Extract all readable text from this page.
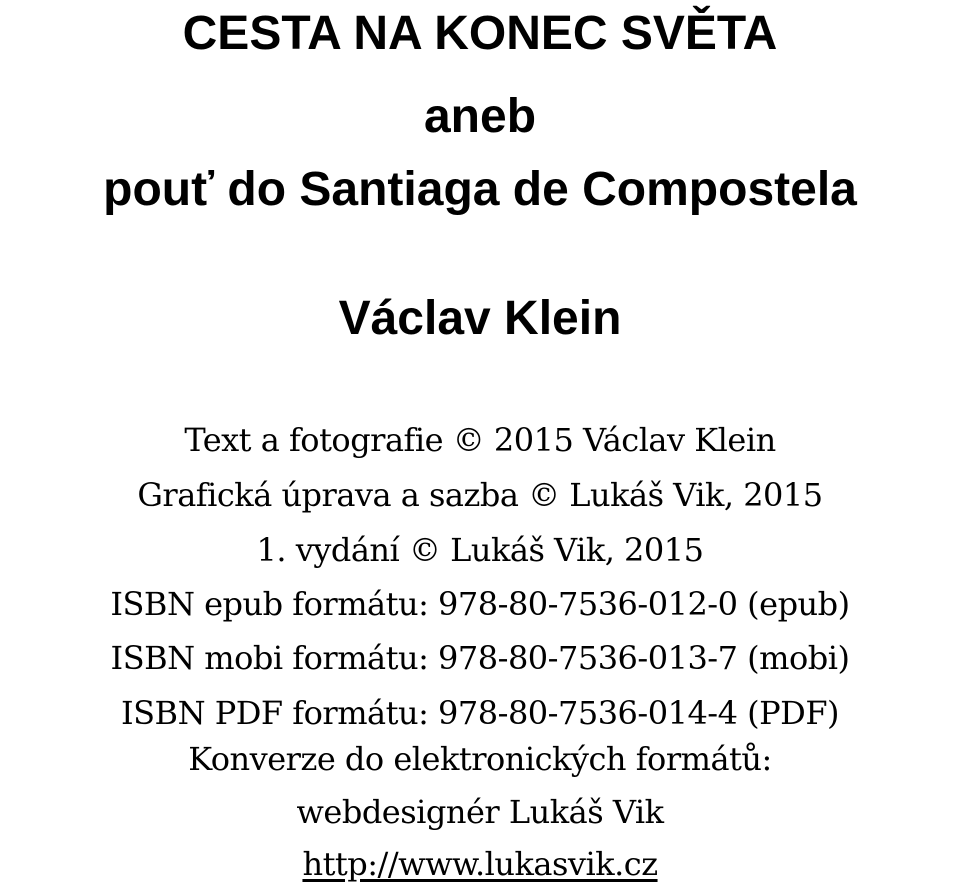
CESTA NA KONEC SVĚTA
aneb
pouť do Santiaga de Compostela
Václav Klein
Text a fotografie © 2015 Václav Klein
Grafická úprava a sazba © Lukáš Vik, 2015
1. vydání © Lukáš Vik, 2015
ISBN epub formátu: 978-80-7536-012-0 (epub)
ISBN mobi formátu: 978-80-7536-013-7 (mobi)
ISBN PDF formátu: 978-80-7536-014-4 (PDF)
Konverze do elektronických formátů:
webdesignér Lukáš Vik
http://www.lukasvik.cz
